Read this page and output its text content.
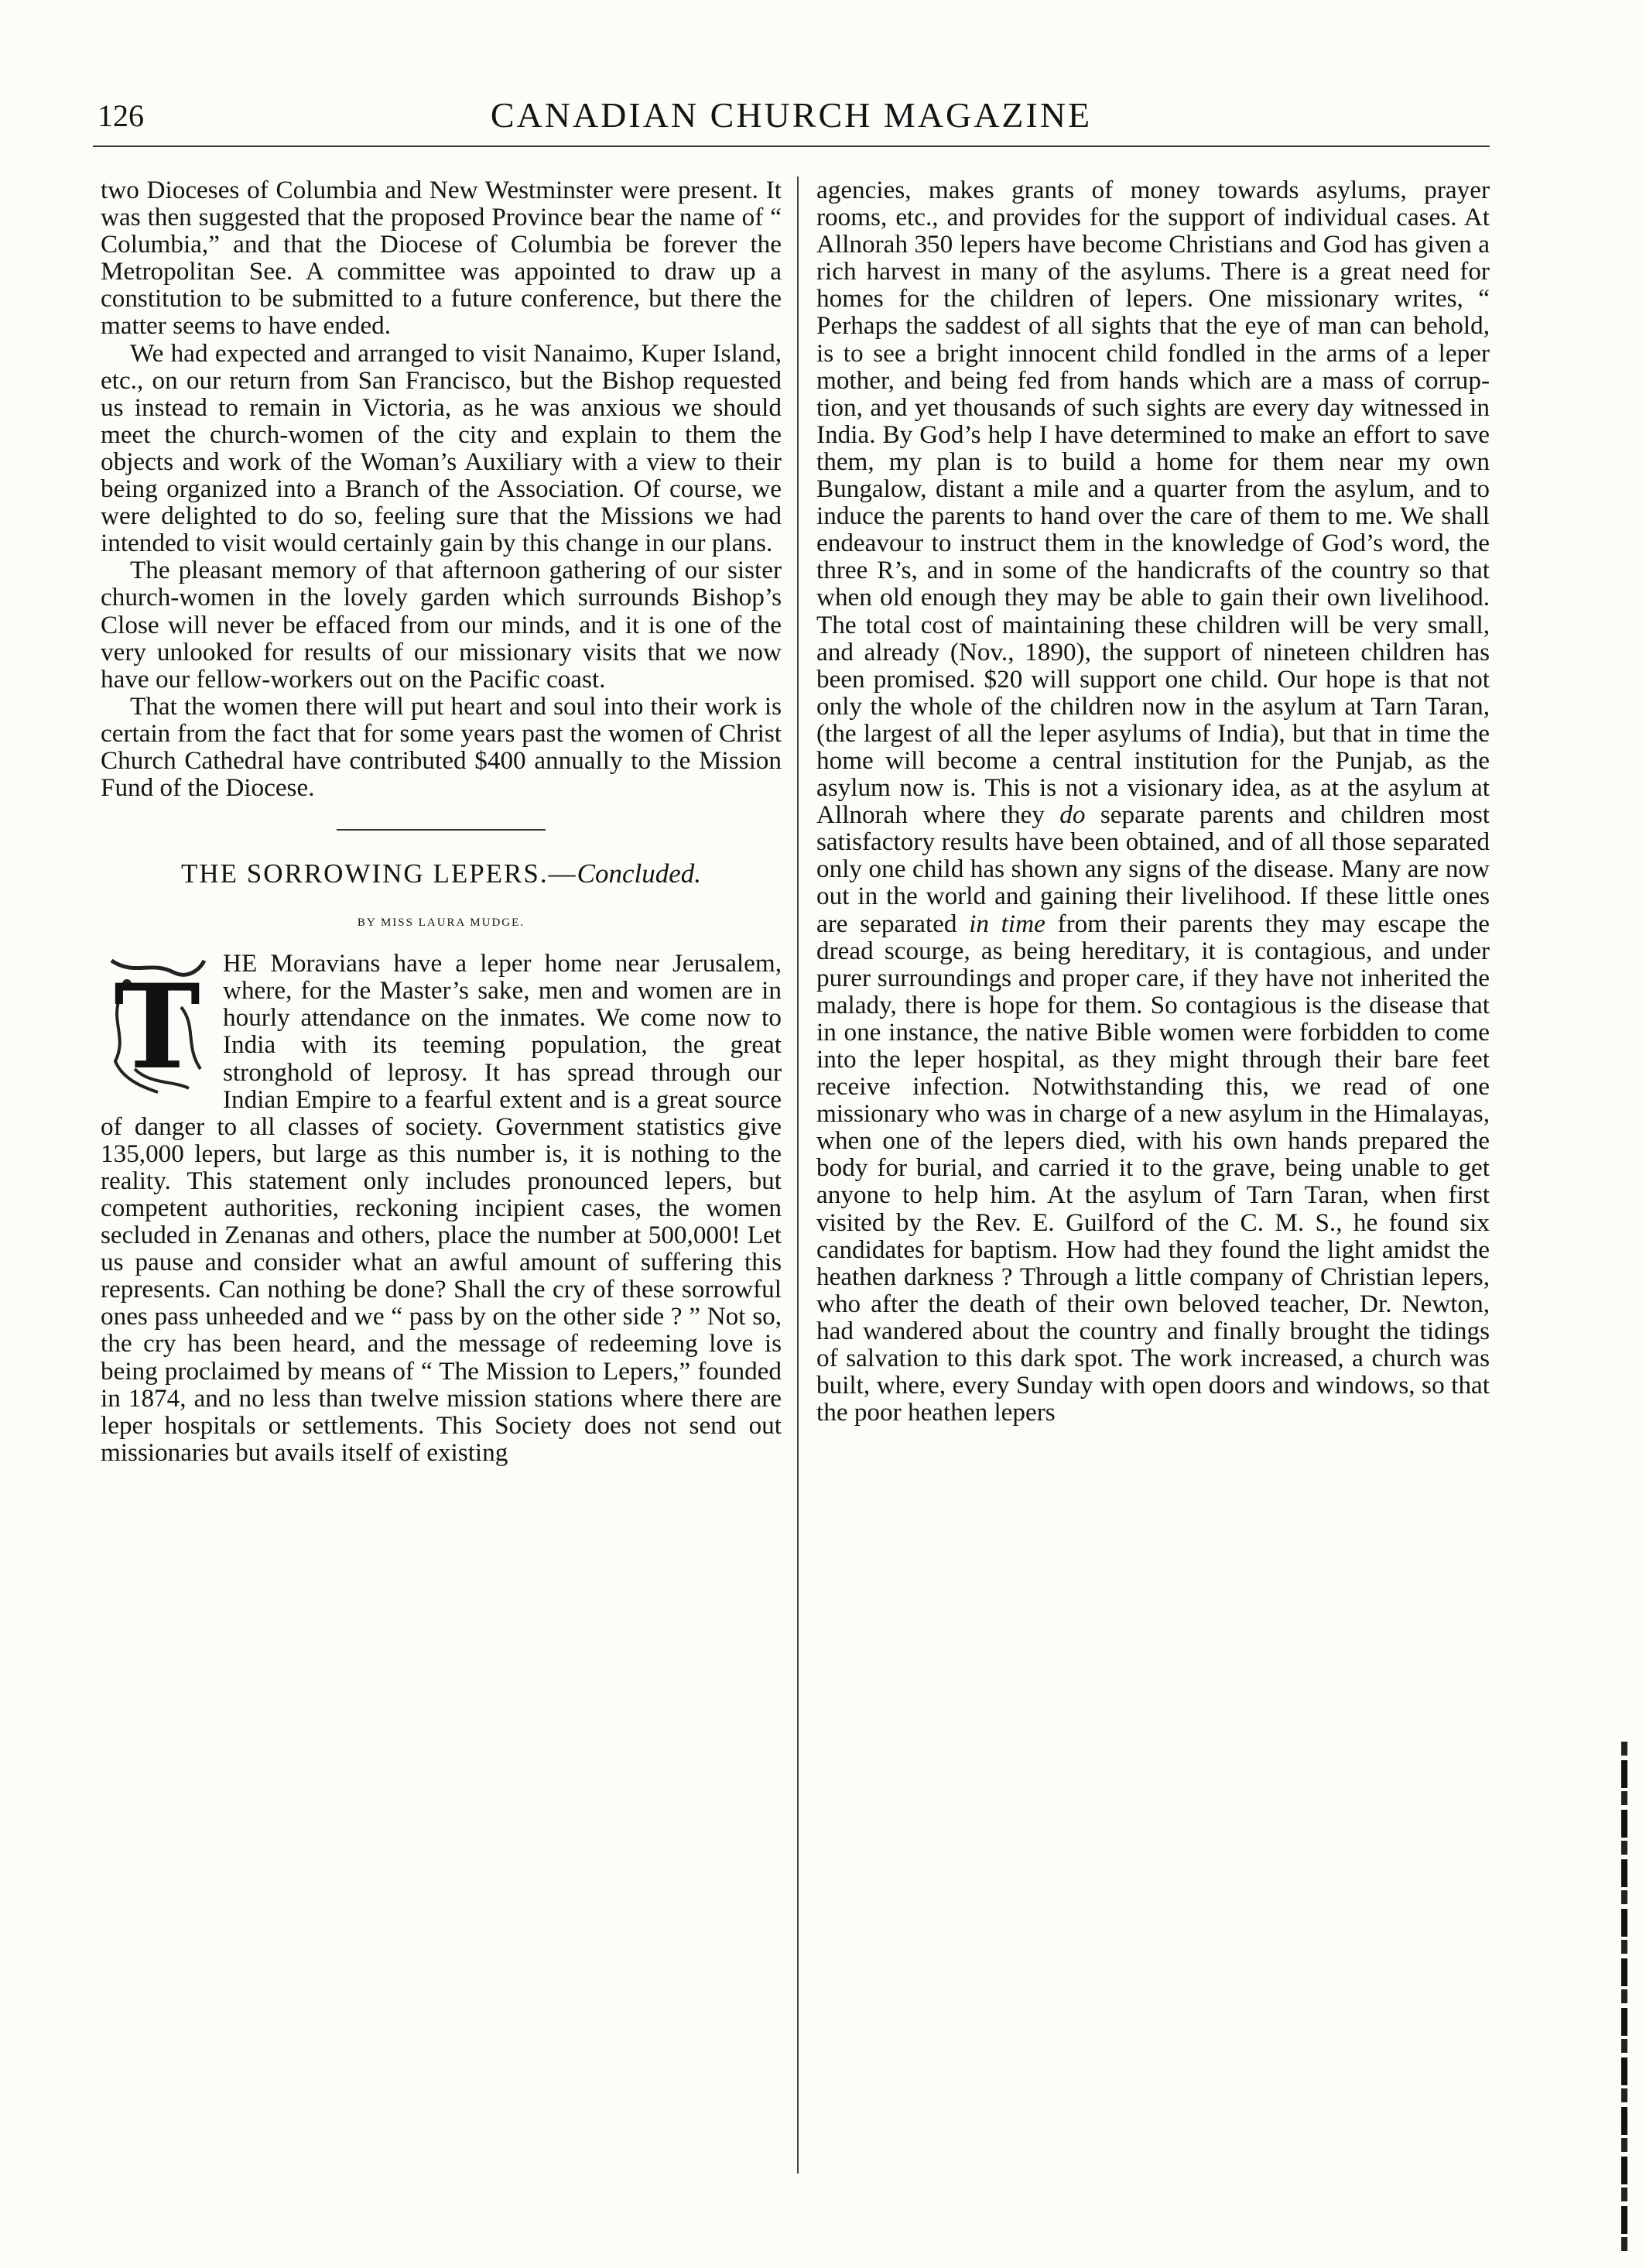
126	CANADIAN CHURCH MAGAZINE

two Dioceses of Columbia and New Westminster were present. It was then suggested that the proposed Province bear the name of “ Columbia,” and that the Diocese of Columbia be forever the Metropolitan See. A committee was appointed to draw up a constitution to be submitted to a future conference, but there the matter seems to have ended.

We had expected and arranged to visit Nanaimo, Kuper Island, etc., on our return from San Francisco, but the Bishop requested us instead to remain in Victoria, as he was anxious we should meet the church-women of the city and explain to them the objects and work of the Woman’s Auxiliary with a view to their being organized into a Branch of the Association. Of course, we were delighted to do so, feeling sure that the Missions we had intended to visit would certainly gain by this change in our plans.

The pleasant memory of that afternoon gathering of our sister church-women in the lovely garden which surrounds Bishop’s Close will never be effaced from our minds, and it is one of the very unlooked for results of our missionary visits that we now have our fellow-workers out on the Pacific coast.

That the women there will put heart and soul into their work is certain from the fact that for some years past the women of Christ Church Cathedral have contributed $400 annually to the Mission Fund of the Diocese.

THE SORROWING LEPERS.—Concluded.
BY MISS LAURA MUDGE.

T HE Moravians have a leper home near Jerusalem, where, for the Master’s sake, men and women are in hourly attendance on the inmates. We come now to India with its teeming population, the great stronghold of leprosy. It has spread through our Indian Empire to a fearful extent and is a great source of danger to all classes of society. Government statistics give 135,000 lepers, but large as this number is, it is nothing to the reality. This statement only includes pronounced lepers, but competent authorities, reckoning incipient cases, the women secluded in Zenanas and others, place the number at 500,000! Let us pause and consider what an awful amount of suffering this represents. Can nothing be done? Shall the cry of these sorrowful ones pass unheeded and we “ pass by on the other side ? ” Not so, the cry has been heard, and the message of redeeming love is being proclaimed by means of “ The Mission to Lepers,” founded in 1874, and no less than twelve mission stations where there are leper hospitals or settlements. This Society does not send out missionaries but avails itself of existing

agencies, makes grants of money towards asylums, prayer rooms, etc., and provides for the support of individual cases. At Allnorah 350 lepers have become Christians and God has given a rich harvest in many of the asylums. There is a great need for homes for the children of lepers. One missionary writes, “ Perhaps the saddest of all sights that the eye of man can behold, is to see a bright innocent child fondled in the arms of a leper mother, and being fed from hands which are a mass of corruption, and yet thousands of such sights are every day witnessed in India. By God’s help I have determined to make an effort to save them, my plan is to build a home for them near my own Bungalow, distant a mile and a quarter from the asylum, and to induce the parents to hand over the care of them to me. We shall endeavour to instruct them in the knowledge of God’s word, the three R’s, and in some of the handicrafts of the country so that when old enough they may be able to gain their own livelihood. The total cost of maintaining these children will be very small, and already (Nov., 1890), the support of nineteen children has been promised. $20 will support one child. Our hope is that not only the whole of the children now in the asylum at Tarn Taran, (the largest of all the leper asylums of India), but that in time the home will become a central institution for the Punjab, as the asylum now is. This is not a visionary idea, as at the asylum at Allnorah where they do separate parents and children most satisfactory results have been obtained, and of all those separated only one child has shown any signs of the disease. Many are now out in the world and gaining their livelihood. If these little ones are separated in time from their parents they may escape the dread scourge, as being hereditary, it is contagious, and under purer surroundings and proper care, if they have not inherited the malady, there is hope for them. So contagious is the disease that in one instance, the native Bible women were forbidden to come into the leper hospital, as they might through their bare feet receive infection. Notwithstanding this, we read of one missionary who was in charge of a new asylum in the Himalayas, when one of the lepers died, with his own hands prepared the body for burial, and carried it to the grave, being unable to get anyone to help him. At the asylum of Tarn Taran, when first visited by the Rev. E. Guilford of the C. M. S., he found six candidates for baptism. How had they found the light amidst the heathen darkness ? Through a little company of Christian lepers, who after the death of their own beloved teacher, Dr. Newton, had wandered about the country and finally brought the tidings of salvation to this dark spot. The work increased, a church was built, where, every Sunday with open doors and windows, so that the poor heathen lepers
